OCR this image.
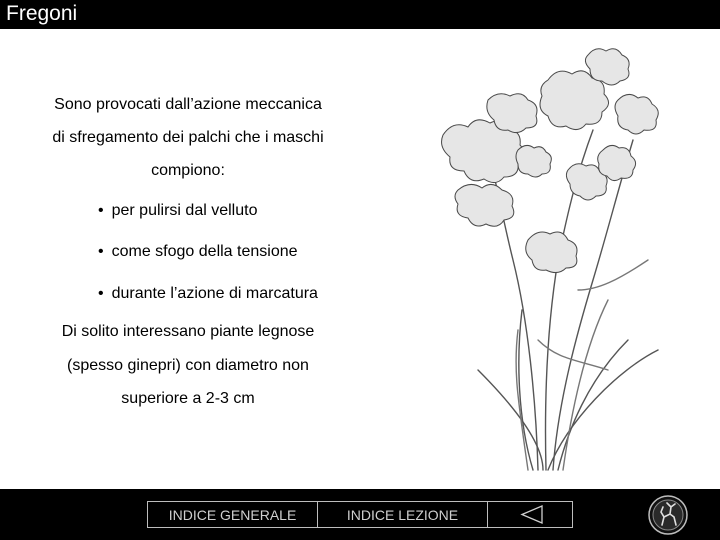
Fregoni
Sono provocati dall’azione meccanica
di sfregamento dei palchi che i maschi
compiono:
• per pulirsi dal velluto
• come sfogo della tensione
• durante l’azione di marcatura
Di solito interessano piante legnose
(spesso ginepri) con diametro non
superiore a 2-3 cm
INDICE GENERALE	INDICE LEZIONE
